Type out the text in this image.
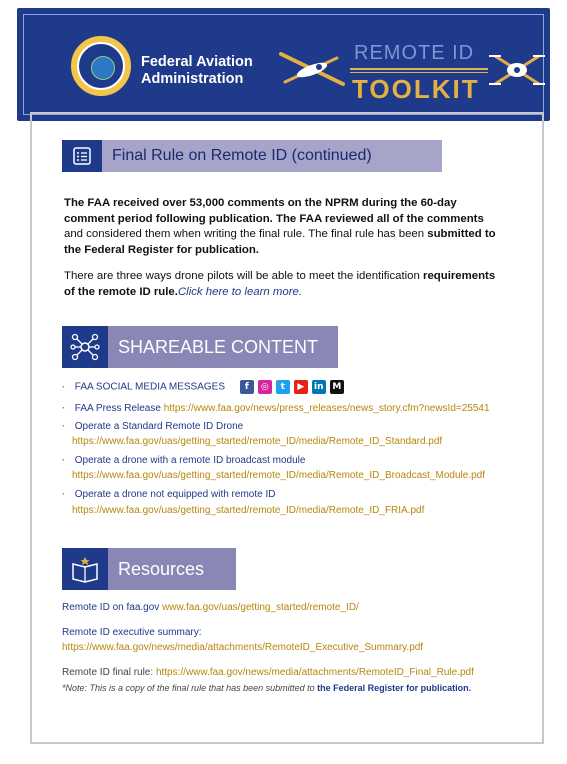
Federal Aviation
Administration
REMOTE ID
TOOLKIT
Final Rule on Remote ID (continued)
The FAA received over 53,000 comments on the NPRM during the 60-day comment period following publication. The FAA reviewed all of the comments and considered them when writing the final rule. The final rule has been submitted to the Federal Register for publication.
There are three ways drone pilots will be able to meet the identification requirements of the remote ID rule.Click here to learn more.
SHAREABLE CONTENT
· FAA SOCIAL MEDIA MESSAGES	f	◎	t	▶	in M
· FAA Press Release https://www.faa.gov/news/press_releases/news_story.cfm?newsId=25541
· Operate a Standard Remote ID Drone
https://www.faa.gov/uas/getting_started/remote_ID/media/Remote_ID_Standard.pdf
· Operate a drone with a remote ID broadcast module
https://www.faa.gov/uas/getting_started/remote_ID/media/Remote_ID_Broadcast_Module.pdf
· Operate a drone not equipped with remote ID
https://www.faa.gov/uas/getting_started/remote_ID/media/Remote_ID_FRIA.pdf
Resources
Remote ID on faa.gov www.faa.gov/uas/getting_started/remote_ID/
Remote ID executive summary:
https://www.faa.gov/news/media/attachments/RemoteID_Executive_Summary.pdf
Remote ID final rule: https://www.faa.gov/news/media/attachments/RemoteID_Final_Rule.pdf
*Note: This is a copy of the final rule that has been submitted to the Federal Register for publication.
